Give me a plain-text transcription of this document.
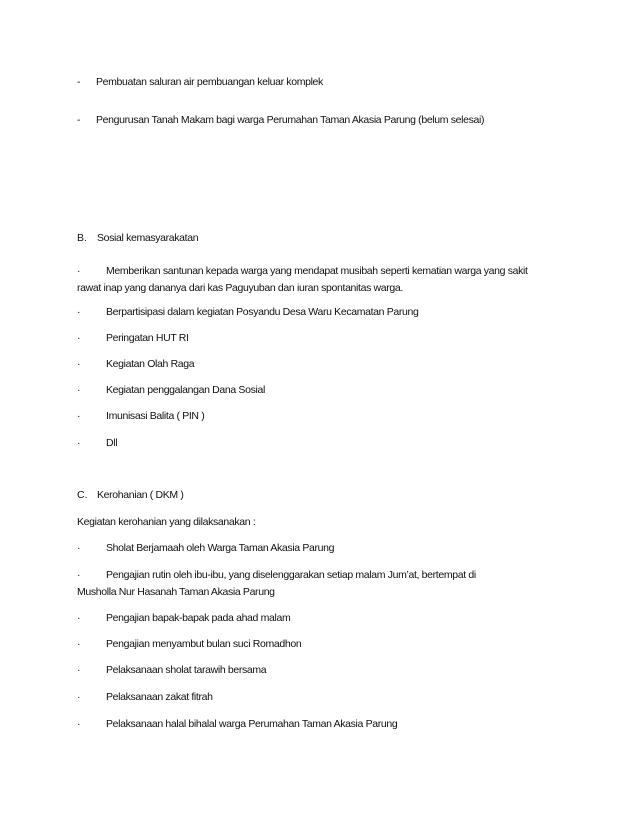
- Pembuatan saluran air pembuangan keluar komplek
- Pengurusan Tanah Makam bagi warga Perumahan Taman Akasia Parung (belum selesai)
B. Sosial kemasyarakatan
· Memberikan santunan kepada warga yang mendapat musibah seperti kematian warga yang sakit
rawat inap yang dananya dari kas Paguyuban dan iuran spontanitas warga.
· Berpartisipasi dalam kegiatan Posyandu Desa Waru Kecamatan Parung
· Peringatan HUT RI
· Kegiatan Olah Raga
· Kegiatan penggalangan Dana Sosial
· Imunisasi Balita ( PIN )
· Dll
C. Kerohanian ( DKM )
Kegiatan kerohanian yang dilaksanakan :
· Sholat Berjamaah oleh Warga Taman Akasia Parung
· Pengajian rutin oleh ibu-ibu, yang diselenggarakan setiap malam Jum’at, bertempat di
Musholla Nur Hasanah Taman Akasia Parung
· Pengajian bapak-bapak pada ahad malam
· Pengajian menyambut bulan suci Romadhon
· Pelaksanaan sholat tarawih bersama
· Pelaksanaan zakat fitrah
· Pelaksanaan halal bihalal warga Perumahan Taman Akasia Parung
